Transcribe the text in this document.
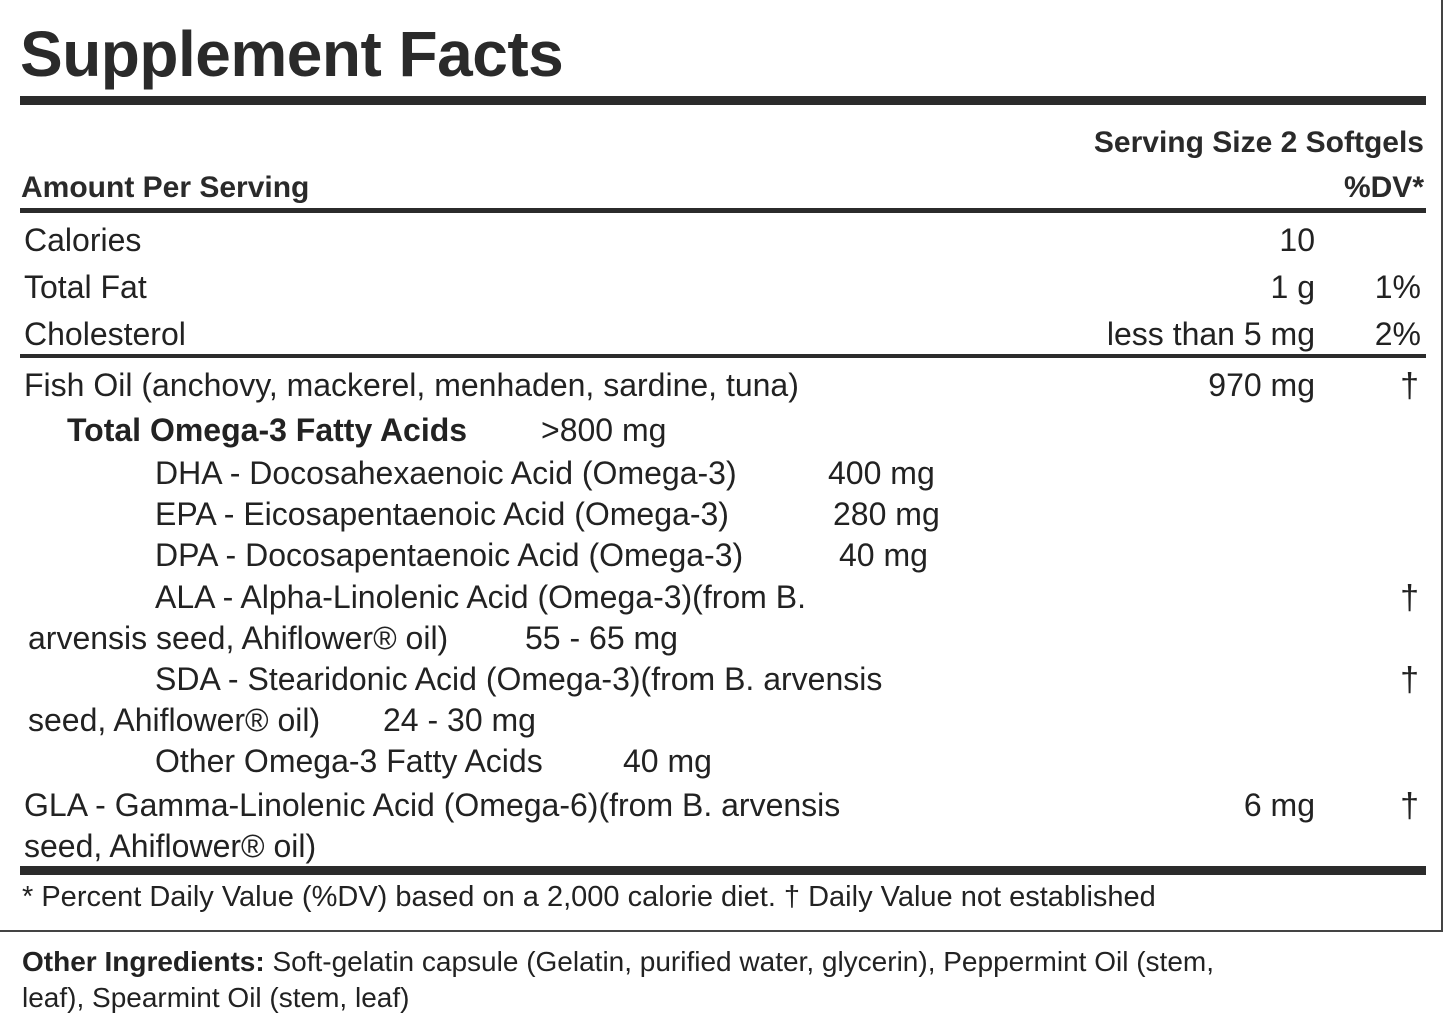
Supplement Facts
Serving Size 2 Softgels
Amount Per Serving	%DV*
Calories	10
Total Fat	1 g 1%
Cholesterol	less than 5 mg 2%
Fish Oil (anchovy, mackerel, menhaden, sardine, tuna)	970 mg	†
Total Omega-3 Fatty Acids >800 mg
DHA - Docosahexaenoic Acid (Omega-3)	400 mg
EPA - Eicosapentaenoic Acid (Omega-3)	280 mg
DPA - Docosapentaenoic Acid (Omega-3)	40 mg
ALA - Alpha-Linolenic Acid (Omega-3)(from B.	†
arvensis seed, Ahiflower® oil) 55 - 65 mg
SDA - Stearidonic Acid (Omega-3)(from B. arvensis	†
seed, Ahiflower® oil) 24 - 30 mg
Other Omega-3 Fatty Acids	40 mg
GLA - Gamma-Linolenic Acid (Omega-6)(from B. arvensis	6 mg	†
seed, Ahiflower® oil)
* Percent Daily Value (%DV) based on a 2,000 calorie diet. † Daily Value not established
Other Ingredients: Soft-gelatin capsule (Gelatin, purified water, glycerin), Peppermint Oil (stem,
leaf), Spearmint Oil (stem, leaf)
